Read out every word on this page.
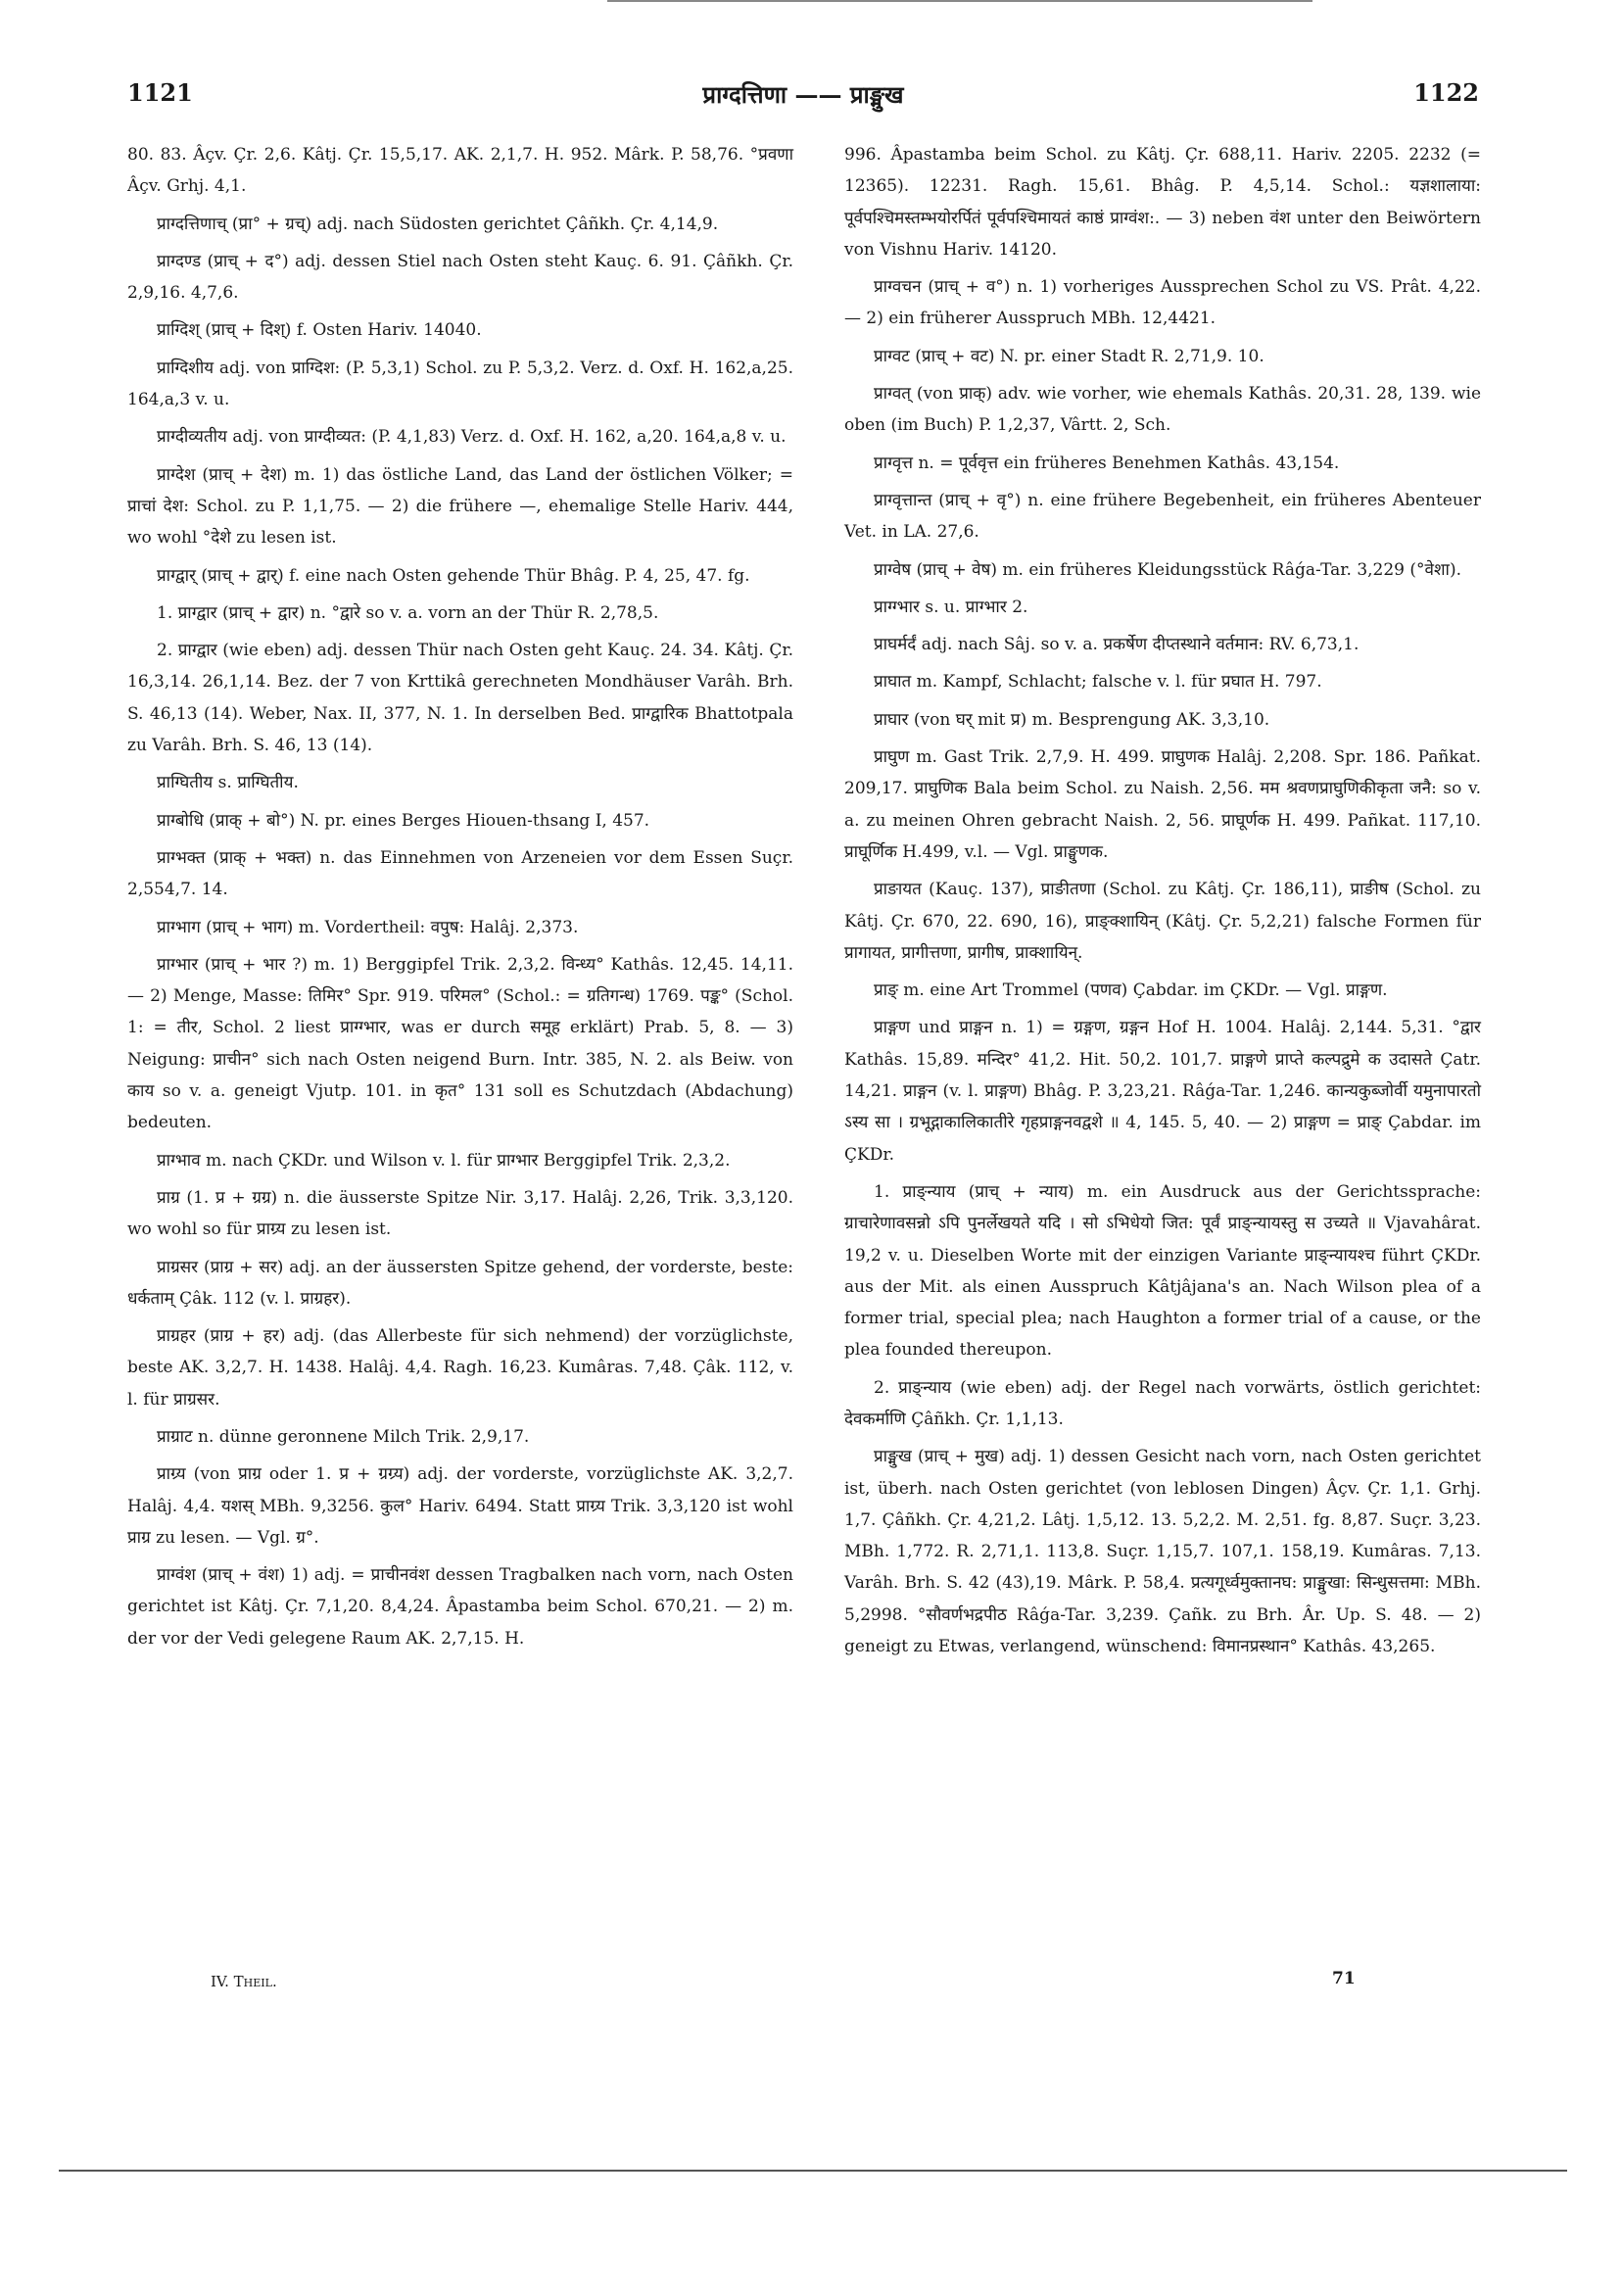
1121	प्राग्दत्तिणा —— प्राङ्मुख	1122

80. 83. Âçv. Çr. 2,6. Kâtj. Çr. 15,5,17. AK. 2,1,7. H. 952. Mârk. P. 58,76. °प्रवणा Âçv. Grhj. 4,1.

प्राग्दत्तिणाच् (प्रा° + ग्रच्) adj. nach Südosten gerichtet Çâñkh. Çr. 4,14,9.

प्राग्दण्ड (प्राच् + द°) adj. dessen Stiel nach Osten steht Kauç. 6. 91. Çâñkh. Çr. 2,9,16. 4,7,6.

प्राग्दिश् (प्राच् + दिश्) f. Osten Hariv. 14040.

प्राग्दिशीय adj. von प्राग्दिश: (P. 5,3,1) Schol. zu P. 5,3,2. Verz. d. Oxf. H. 162,a,25. 164,a,3 v. u.

प्राग्दीव्यतीय adj. von प्राग्दीव्यत: (P. 4,1,83) Verz. d. Oxf. H. 162, a,20. 164,a,8 v. u.

प्राग्देश (प्राच् + देश) m. 1) das östliche Land, das Land der östlichen Völker; = प्राचां देश: Schol. zu P. 1,1,75. — 2) die frühere —, ehemalige Stelle Hariv. 444, wo wohl °देशे zu lesen ist.

प्राग्द्वार् (प्राच् + द्वार्) f. eine nach Osten gehende Thür Bhâg. P. 4, 25, 47. fg.

1. प्राग्द्वार (प्राच् + द्वार) n. °द्वारे so v. a. vorn an der Thür R. 2,78,5.

2. प्राग्द्वार (wie eben) adj. dessen Thür nach Osten geht Kauç. 24. 34. Kâtj. Çr. 16,3,14. 26,1,14. Bez. der 7 von Krttikâ gerechneten Mondhäuser Varâh. Brh. S. 46,13 (14). Weber, Nax. II, 377, N. 1. In derselben Bed. प्राग्द्वारिक Bhattotpala zu Varâh. Brh. S. 46, 13 (14).

प्राग्घितीय s. प्राग्घितीय.

प्राग्बोधि (प्राक् + बो°) N. pr. eines Berges Hiouen-thsang I, 457.

प्राग्भक्त (प्राक् + भक्त) n. das Einnehmen von Arzeneien vor dem Essen Suçr. 2,554,7. 14.

प्राग्भाग (प्राच् + भाग) m. Vordertheil: वपुष: Halâj. 2,373.

प्राग्भार (प्राच् + भार ?) m. 1) Berggipfel Trik. 2,3,2. विन्ध्य° Kathâs. 12,45. 14,11. — 2) Menge, Masse: तिमिर° Spr. 919. परिमल° (Schol.: = ग्रतिगन्ध) 1769. पङ्क° (Schol. 1: = तीर, Schol. 2 liest प्राग्ग्भार, was er durch समूह erklärt) Prab. 5, 8. — 3) Neigung: प्राचीन° sich nach Osten neigend Burn. Intr. 385, N. 2. als Beiw. von काय so v. a. geneigt Vjutp. 101. in कृत° 131 soll es Schutzdach (Abdachung) bedeuten.

प्राग्भाव m. nach ÇKDr. und Wilson v. l. für प्राग्भार Berggipfel Trik. 2,3,2.

प्राग्र (1. प्र + ग्रग्र) n. die äusserste Spitze Nir. 3,17. Halâj. 2,26, Trik. 3,3,120. wo wohl so für प्राग्र्य zu lesen ist.

प्राग्रसर (प्राग्र + सर) adj. an der äussersten Spitze gehend, der vorderste, beste: धर्कताम् Çâk. 112 (v. l. प्राग्रहर).

प्राग्रहर (प्राग्र + हर) adj. (das Allerbeste für sich nehmend) der vorzüglichste, beste AK. 3,2,7. H. 1438. Halâj. 4,4. Ragh. 16,23. Kumâras. 7,48. Çâk. 112, v. l. für प्राग्रसर.

प्राग्राट n. dünne geronnene Milch Trik. 2,9,17.

प्राग्र्य (von प्राग्र oder 1. प्र + ग्रग्र्य) adj. der vorderste, vorzüglichste AK. 3,2,7. Halâj. 4,4. यशस् MBh. 9,3256. कुल° Hariv. 6494. Statt प्राग्र्य Trik. 3,3,120 ist wohl प्राग्र zu lesen. — Vgl. ग्र°.

प्राग्वंश (प्राच् + वंश) 1) adj. = प्राचीनवंश dessen Tragbalken nach vorn, nach Osten gerichtet ist Kâtj. Çr. 7,1,20. 8,4,24. Âpastamba beim Schol. 670,21. — 2) m. der vor der Vedi gelegene Raum AK. 2,7,15. H.

996. Âpastamba beim Schol. zu Kâtj. Çr. 688,11. Hariv. 2205. 2232 (= 12365). 12231. Ragh. 15,61. Bhâg. P. 4,5,14. Schol.: यज्ञशालाया: पूर्वपश्चिमस्तम्भयोरर्पितं पूर्वपश्चिमायतं काष्ठं प्राग्वंश:. — 3) neben वंश unter den Beiwörtern von Vishnu Hariv. 14120.

प्राग्वचन (प्राच् + व°) n. 1) vorheriges Aussprechen Schol zu VS. Prât. 4,22. — 2) ein früherer Ausspruch MBh. 12,4421.

प्राग्वट (प्राच् + वट) N. pr. einer Stadt R. 2,71,9. 10.

प्राग्वत् (von प्राक्) adv. wie vorher, wie ehemals Kathâs. 20,31. 28, 139. wie oben (im Buch) P. 1,2,37, Vârtt. 2, Sch.

प्राग्वृत्त n. = पूर्ववृत्त ein früheres Benehmen Kathâs. 43,154.

प्राग्वृत्तान्त (प्राच् + वृ°) n. eine frühere Begebenheit, ein früheres Abenteuer Vet. in LA. 27,6.

प्राग्वेष (प्राच् + वेष) m. ein früheres Kleidungsstück Râǵa-Tar. 3,229 (°वेशा).

प्राग्ग्भार s. u. प्राग्भार 2.

प्राघर्मर्दं adj. nach Sâj. so v. a. प्रकर्षेण दीप्तस्थाने वर्तमान: RV. 6,73,1.

प्राघात m. Kampf, Schlacht; falsche v. l. für प्रघात H. 797.

प्राघार (von घर् mit प्र) m. Besprengung AK. 3,3,10.

प्राघुण m. Gast Trik. 2,7,9. H. 499. प्राघुणक Halâj. 2,208. Spr. 186. Pañkat. 209,17. प्राघुणिक Bala beim Schol. zu Naish. 2,56. मम श्रवणप्राघुणिकीकृता जनै: so v. a. zu meinen Ohren gebracht Naish. 2, 56. प्राघूर्णक H. 499. Pañkat. 117,10. प्राघूर्णिक H.499, v.l. — Vgl. प्राङ्घुणक.

प्राङायत (Kauç. 137), प्राङीतणा (Schol. zu Kâtj. Çr. 186,11), प्राङीष (Schol. zu Kâtj. Çr. 670, 22. 690, 16), प्राङ्क्शायिन् (Kâtj. Çr. 5,2,21) falsche Formen für प्रागायत, प्रागीत्तणा, प्रागीष, प्राक्शायिन्.

प्राङ् m. eine Art Trommel (पणव) Çabdar. im ÇKDr. — Vgl. प्राङ्गण.

प्राङ्गण und प्राङ्गन n. 1) = ग्रङ्गण, ग्रङ्गन Hof H. 1004. Halâj. 2,144. 5,31. °द्वार Kathâs. 15,89. मन्दिर° 41,2. Hit. 50,2. 101,7. प्राङ्गणे प्राप्ते कल्पद्रुमे क उदासते Çatr. 14,21. प्राङ्गन (v. l. प्राङ्गण) Bhâg. P. 3,23,21. Râǵa-Tar. 1,246. कान्यकुब्जोर्वी यमुनापारतो ऽस्य सा । ग्रभूद्गाकालिकातीरे गृहप्राङ्गनवद्वशे ॥ 4, 145. 5, 40. — 2) प्राङ्गण = प्राङ् Çabdar. im ÇKDr.

1. प्राङ्न्याय (प्राच् + न्याय) m. ein Ausdruck aus der Gerichtssprache: ग्राचारेणावसन्नो ऽपि पुनर्लेखयते यदि । सो ऽभिधेयो जित: पूर्वं प्राङ्न्यायस्तु स उच्यते ॥ Vjavahârat. 19,2 v. u. Dieselben Worte mit der einzigen Variante प्राङ्न्यायश्च führt ÇKDr. aus der Mit. als einen Ausspruch Kâtjâjana's an. Nach Wilson plea of a former trial, special plea; nach Haughton a former trial of a cause, or the plea founded thereupon.

2. प्राङ्न्याय (wie eben) adj. der Regel nach vorwärts, östlich gerichtet: देवकर्माणि Çâñkh. Çr. 1,1,13.

प्राङ्मुख (प्राच् + मुख) adj. 1) dessen Gesicht nach vorn, nach Osten gerichtet ist, überh. nach Osten gerichtet (von leblosen Dingen) Âçv. Çr. 1,1. Grhj. 1,7. Çâñkh. Çr. 4,21,2. Lâtj. 1,5,12. 13. 5,2,2. M. 2,51. fg. 8,87. Suçr. 3,23. MBh. 1,772. R. 2,71,1. 113,8. Suçr. 1,15,7. 107,1. 158,19. Kumâras. 7,13. Varâh. Brh. S. 42 (43),19. Mârk. P. 58,4. प्रत्यगूर्ध्वमुक्तानघ: प्राङ्मुखा: सिन्धुसत्तमा: MBh. 5,2998. °सौवर्णभद्रपीठ Râǵa-Tar. 3,239. Çañk. zu Brh. Âr. Up. S. 48. — 2) geneigt zu Etwas, verlangend, wünschend: विमानप्रस्थान° Kathâs. 43,265.

IV. Theil.	71
